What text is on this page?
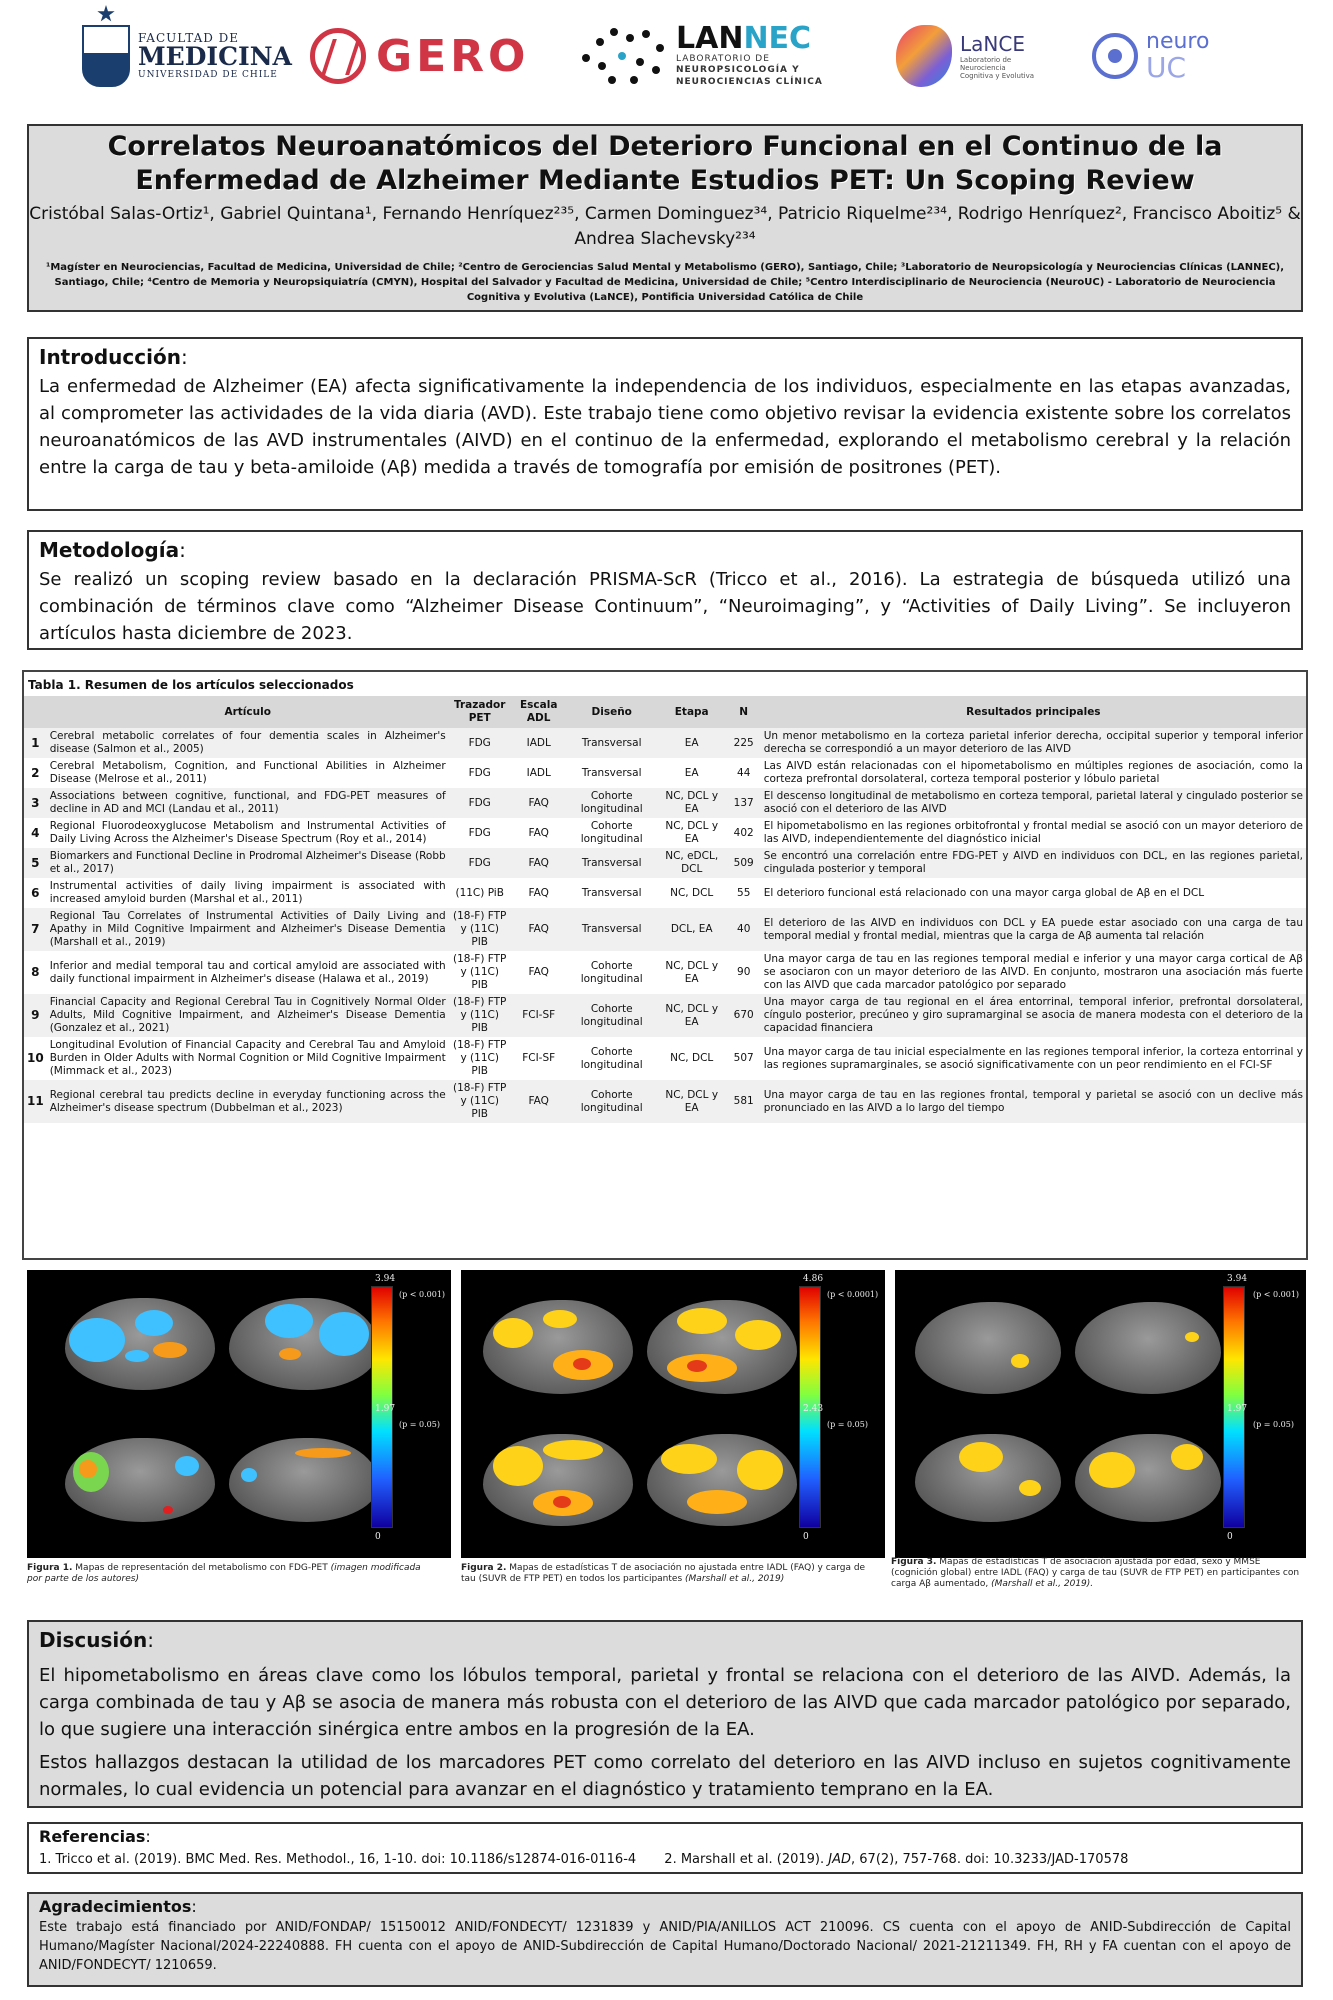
FACULTAD DE
MEDICINA
UNIVERSIDAD DE CHILE	GERO	LANNEC
LABORATORIO DE
NEUROPSICOLOGÍA Y
NEUROCIENCIAS CLÍNICA
LaNCE
Laboratorio de Neurociencia Cognitiva y Evolutiva
neuro
UC
Correlatos Neuroanatómicos del Deterioro Funcional en el Continuo de la Enfermedad de Alzheimer Mediante Estudios PET: Un Scoping Review
Cristóbal Salas-Ortiz¹, Gabriel Quintana¹, Fernando Henríquez²³⁵, Carmen Dominguez³⁴, Patricio Riquelme²³⁴, Rodrigo Henríquez², Francisco Aboitiz⁵ & Andrea Slachevsky²³⁴
¹Magíster en Neurociencias, Facultad de Medicina, Universidad de Chile; ²Centro de Gerociencias Salud Mental y Metabolismo (GERO), Santiago, Chile; ³Laboratorio de Neuropsicología y Neurociencias Clínicas (LANNEC), Santiago, Chile; ⁴Centro de Memoria y Neuropsiquiatría (CMYN), Hospital del Salvador y Facultad de Medicina, Universidad de Chile; ⁵Centro Interdisciplinario de Neurociencia (NeuroUC) - Laboratorio de Neurociencia Cognitiva y Evolutiva (LaNCE), Pontificia Universidad Católica de Chile
Introducción:
La enfermedad de Alzheimer (EA) afecta significativamente la independencia de los individuos, especialmente en las etapas avanzadas, al comprometer las actividades de la vida diaria (AVD). Este trabajo tiene como objetivo revisar la evidencia existente sobre los correlatos neuroanatómicos de las AVD instrumentales (AIVD) en el continuo de la enfermedad, explorando el metabolismo cerebral y la relación entre la carga de tau y beta-amiloide (Aβ) medida a través de tomografía por emisión de positrones (PET).
Metodología:
Se realizó un scoping review basado en la declaración PRISMA-ScR (Tricco et al., 2016). La estrategia de búsqueda utilizó una combinación de términos clave como “Alzheimer Disease Continuum”, “Neuroimaging”, y “Activities of Daily Living”. Se incluyeron artículos hasta diciembre de 2023.
Tabla 1. Resumen de los artículos seleccionados
	Artículo	Trazador PET	Escala ADL	Diseño	Etapa	N	Resultados principales
1	Cerebral metabolic correlates of four dementia scales in Alzheimer's disease (Salmon et al., 2005)	FDG	IADL	Transversal	EA	225	Un menor metabolismo en la corteza parietal inferior derecha, occipital superior y temporal inferior derecha se correspondió a un mayor deterioro de las AIVD
2	Cerebral Metabolism, Cognition, and Functional Abilities in Alzheimer Disease (Melrose et al., 2011)	FDG	IADL	Transversal	EA	44	Las AIVD están relacionadas con el hipometabolismo en múltiples regiones de asociación, como la corteza prefrontal dorsolateral, corteza temporal posterior y lóbulo parietal
3	Associations between cognitive, functional, and FDG-PET measures of decline in AD and MCI (Landau et al., 2011)	FDG	FAQ	Cohorte longitudinal	NC, DCL y EA	137	El descenso longitudinal de metabolismo en corteza temporal, parietal lateral y cingulado posterior se asoció con el deterioro de las AIVD
4	Regional Fluorodeoxyglucose Metabolism and Instrumental Activities of Daily Living Across the Alzheimer's Disease Spectrum (Roy et al., 2014)	FDG	FAQ	Cohorte longitudinal	NC, DCL y EA	402	El hipometabolismo en las regiones orbitofrontal y frontal medial se asoció con un mayor deterioro de las AIVD, independientemente del diagnóstico inicial
5	Biomarkers and Functional Decline in Prodromal Alzheimer's Disease (Robb et al., 2017)	FDG	FAQ	Transversal	NC, eDCL, DCL	509	Se encontró una correlación entre FDG-PET y AIVD en individuos con DCL, en las regiones parietal, cingulada posterior y temporal
6	Instrumental activities of daily living impairment is associated with increased amyloid burden (Marshal et al., 2011)	(11C) PiB	FAQ	Transversal	NC, DCL	55	El deterioro funcional está relacionado con una mayor carga global de Aβ en el DCL
7	Regional Tau Correlates of Instrumental Activities of Daily Living and Apathy in Mild Cognitive Impairment and Alzheimer's Disease Dementia (Marshall et al., 2019)	(18-F) FTP y (11C) PIB	FAQ	Transversal	DCL, EA	40	El deterioro de las AIVD en individuos con DCL y EA puede estar asociado con una carga de tau temporal medial y frontal medial, mientras que la carga de Aβ aumenta tal relación
8	Inferior and medial temporal tau and cortical amyloid are associated with daily functional impairment in Alzheimer's disease (Halawa et al., 2019)	(18-F) FTP y (11C) PIB	FAQ	Cohorte longitudinal	NC, DCL y EA	90	Una mayor carga de tau en las regiones temporal medial e inferior y una mayor carga cortical de Aβ se asociaron con un mayor deterioro de las AIVD. En conjunto, mostraron una asociación más fuerte con las AIVD que cada marcador patológico por separado
9	Financial Capacity and Regional Cerebral Tau in Cognitively Normal Older Adults, Mild Cognitive Impairment, and Alzheimer's Disease Dementia (Gonzalez et al., 2021)	(18-F) FTP y (11C) PIB	FCI-SF	Cohorte longitudinal	NC, DCL y EA	670	Una mayor carga de tau regional en el área entorrinal, temporal inferior, prefrontal dorsolateral, cíngulo posterior, precúneo y giro supramarginal se asocia de manera modesta con el deterioro de la capacidad financiera
10	Longitudinal Evolution of Financial Capacity and Cerebral Tau and Amyloid Burden in Older Adults with Normal Cognition or Mild Cognitive Impairment (Mimmack et al., 2023)	(18-F) FTP y (11C) PIB	FCI-SF	Cohorte longitudinal	NC, DCL	507	Una mayor carga de tau inicial especialmente en las regiones temporal inferior, la corteza entorrinal y las regiones supramarginales, se asoció significativamente con un peor rendimiento en el FCI-SF
11	Regional cerebral tau predicts decline in everyday functioning across the Alzheimer's disease spectrum (Dubbelman et al., 2023)	(18-F) FTP y (11C) PIB	FAQ	Cohorte longitudinal	NC, DCL y EA	581	Una mayor carga de tau en las regiones frontal, temporal y parietal se asoció con un declive más pronunciado en las AIVD a lo largo del tiempo
3.94
1.97
0
(p < 0.001)
(p = 0.05)
4.86
2.43
0
(p < 0.0001)
(p = 0.05)
3.94
1.97
0
(p < 0.001)
(p = 0.05)
Figura 1. Mapas de representación del metabolismo con FDG-PET (imagen modificada por parte de los autores)
Figura 2. Mapas de estadísticas T de asociación no ajustada entre IADL (FAQ) y carga de tau (SUVR de FTP PET) en todos los participantes (Marshall et al., 2019)
Figura 3. Mapas de estadísticas T de asociación ajustada por edad, sexo y MMSE (cognición global) entre IADL (FAQ) y carga de tau (SUVR de FTP PET) en participantes con carga Aβ aumentado, (Marshall et al., 2019).
Discusión:
El hipometabolismo en áreas clave como los lóbulos temporal, parietal y frontal se relaciona con el deterioro de las AIVD. Además, la carga combinada de tau y Aβ se asocia de manera más robusta con el deterioro de las AIVD que cada marcador patológico por separado, lo que sugiere una interacción sinérgica entre ambos en la progresión de la EA.
Estos hallazgos destacan la utilidad de los marcadores PET como correlato del deterioro en las AIVD incluso en sujetos cognitivamente normales, lo cual evidencia un potencial para avanzar en el diagnóstico y tratamiento temprano en la EA.
Referencias:
1. Tricco et al. (2019). BMC Med. Res. Methodol., 16, 1-10. doi: 10.1186/s12874-016-0116-4 2. Marshall et al. (2019). JAD, 67(2), 757-768. doi: 10.3233/JAD-170578
Agradecimientos:
Este trabajo está financiado por ANID/FONDAP/ 15150012 ANID/FONDECYT/ 1231839 y ANID/PIA/ANILLOS ACT 210096. CS cuenta con el apoyo de ANID-Subdirección de Capital Humano/Magíster Nacional/2024-22240888. FH cuenta con el apoyo de ANID-Subdirección de Capital Humano/Doctorado Nacional/ 2021-21211349. FH, RH y FA cuentan con el apoyo de ANID/FONDECYT/ 1210659.
